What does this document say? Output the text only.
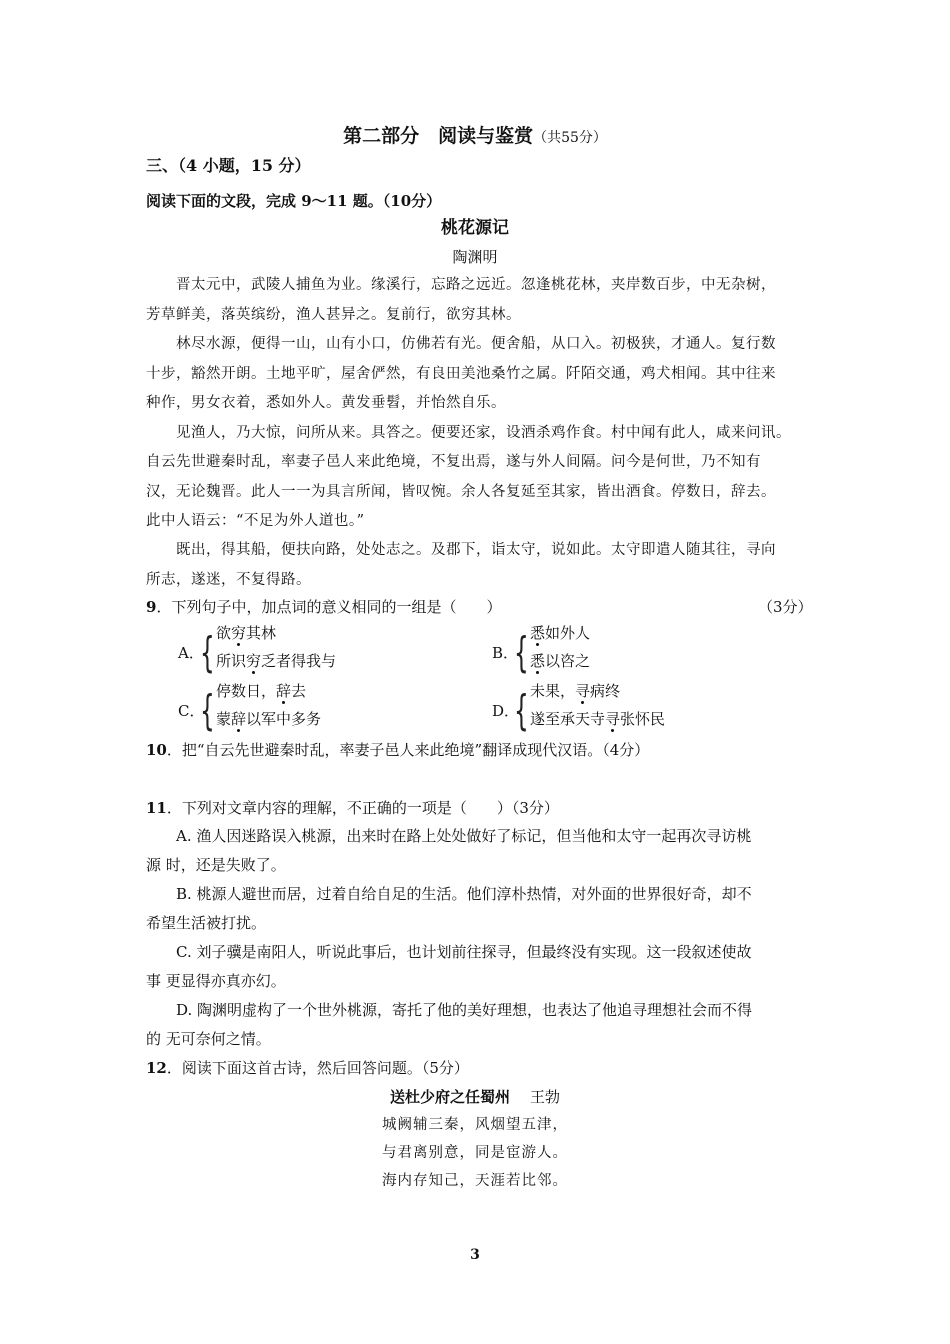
第二部分　阅读与鉴赏（共55分）
三、（4 小题，15 分）
阅读下面的文段，完成 9～11 题。（10分）
桃花源记
陶渊明
晋太元中，武陵人捕鱼为业。缘溪行，忘路之远近。忽逢桃花林，夹岸数百步，中无杂树，
芳草鲜美，落英缤纷，渔人甚异之。复前行，欲穷其林。
林尽水源，便得一山，山有小口，仿佛若有光。便舍船，从口入。初极狭，才通人。复行数
十步，豁然开朗。土地平旷，屋舍俨然，有良田美池桑竹之属。阡陌交通，鸡犬相闻。其中往来
种作，男女衣着，悉如外人。黄发垂髫，并怡然自乐。
见渔人，乃大惊，问所从来。具答之。便要还家，设酒杀鸡作食。村中闻有此人，咸来问讯。
自云先世避秦时乱，率妻子邑人来此绝境，不复出焉，遂与外人间隔。问今是何世，乃不知有
汉，无论魏晋。此人一一为具言所闻，皆叹惋。余人各复延至其家，皆出酒食。停数日，辞去。
此中人语云：“不足为外人道也。”
既出，得其船，便扶向路，处处志之。及郡下，诣太守，说如此。太守即遣人随其往，寻向
所志，遂迷，不复得路。
9．下列句子中，加点词的意义相同的一组是（　　）	（3分）
A．
{ 欲穷其林
所识穷乏者得我与	B．
{ 悉如外人
悉以咨之
C．
{ 停数日，辞去
蒙辞以军中多务	D．
{ 未果，寻病终
遂至承天寺寻张怀民
10．把“自云先世避秦时乱，率妻子邑人来此绝境”翻译成现代汉语。（4分）
11．下列对文章内容的理解，不正确的一项是（　　）（3分）
A. 渔人因迷路误入桃源，出来时在路上处处做好了标记，但当他和太守一起再次寻访桃
源 时，还是失败了。
B. 桃源人避世而居，过着自给自足的生活。他们淳朴热情，对外面的世界很好奇，却不
希望生活被打扰。
C. 刘子骥是南阳人，听说此事后，也计划前往探寻，但最终没有实现。这一段叙述使故
事 更显得亦真亦幻。
D. 陶渊明虚构了一个世外桃源，寄托了他的美好理想，也表达了他追寻理想社会而不得
的 无可奈何之情。
12．阅读下面这首古诗，然后回答问题。（5分）
送杜少府之任蜀州 王勃
城阙辅三秦，风烟望五津，
与君离别意，同是宦游人。
海内存知己，天涯若比邻。
3
